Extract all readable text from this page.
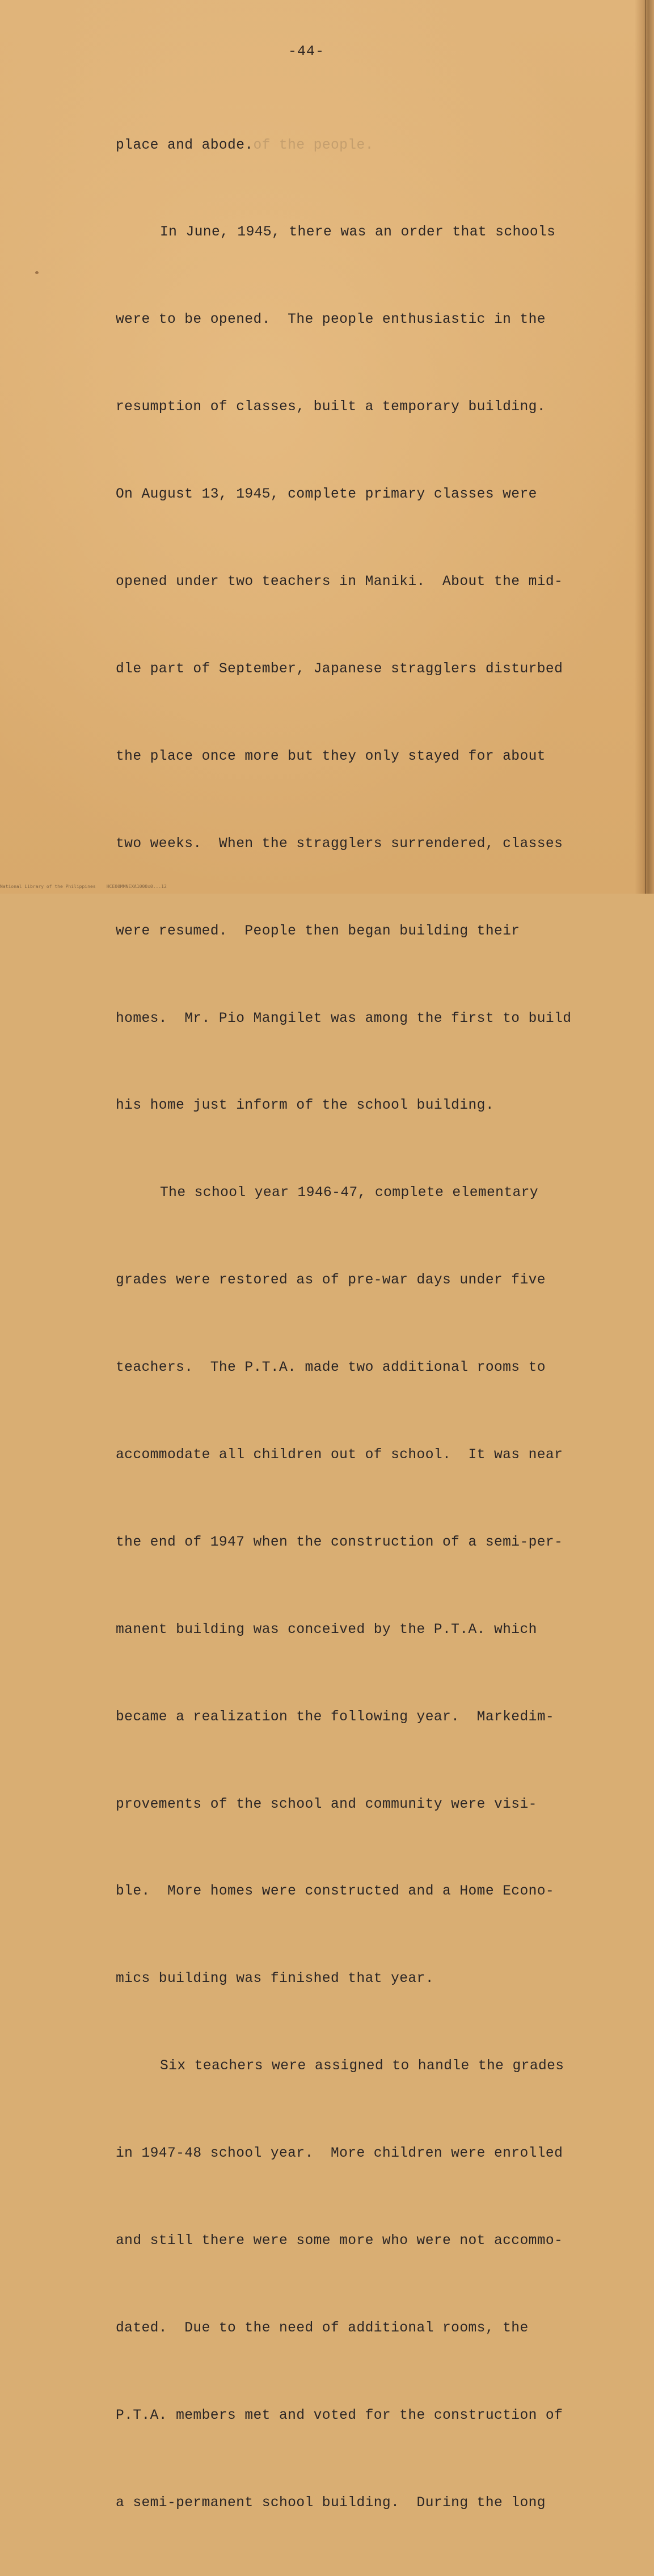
-44-

place and abode.of the people.

In June, 1945, there was an order that schools

were to be opened.  The people enthusiastic in the

resumption of classes, built a temporary building.

On August 13, 1945, complete primary classes were

opened under two teachers in Maniki.  About the mid-

dle part of September, Japanese stragglers disturbed

the place once more but they only stayed for about

two weeks.  When the stragglers surrendered, classes

were resumed.  People then began building their

homes.  Mr. Pio Mangilet was among the first to build

his home just inform of the school building.

The school year 1946-47, complete elementary

grades were restored as of pre-war days under five

teachers.  The P.T.A. made two additional rooms to

accommodate all children out of school.  It was near

the end of 1947 when the construction of a semi-per-

manent building was conceived by the P.T.A. which

became a realization the following year.  Markedim-

provements of the school and community were visi-

ble.  More homes were constructed and a Home Econo-

mics building was finished that year.

Six teachers were assigned to handle the grades

in 1947-48 school year.  More children were enrolled

and still there were some more who were not accommo-

dated.  Due to the need of additional rooms, the

P.T.A. members met and voted for the construction of

a semi-permanent school building.  During the long

National Library of the Philippines    HCE00MMNEXA1000x0...12
